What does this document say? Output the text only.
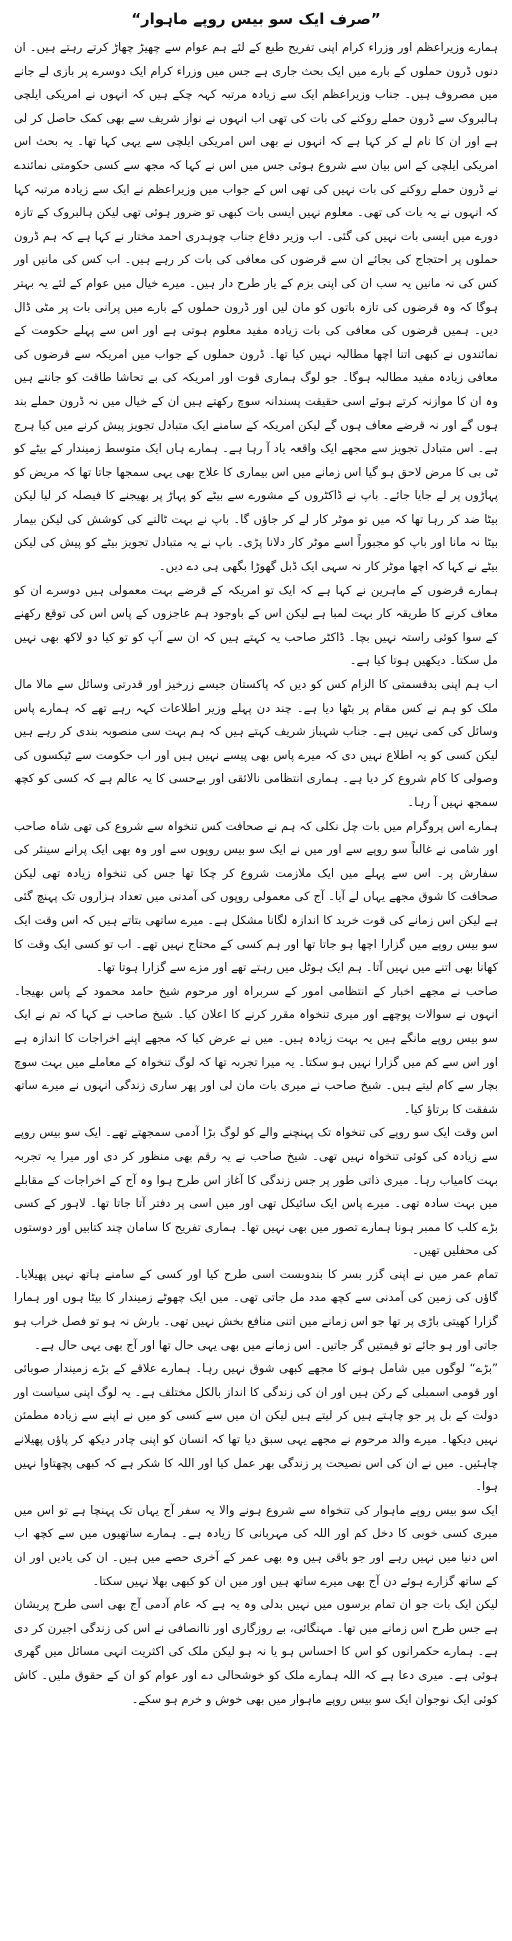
”صرف ایک سو بیس روپے ماہوار“

ہمارے وزیراعظم اور وزراء کرام اپنی تفریح طبع کے لئے ہم عوام سے چھیڑ چھاڑ کرتے رہتے ہیں۔ ان دنوں ڈرون حملوں کے بارے میں ایک بحث جاری ہے جس میں وزراء کرام ایک دوسرے پر بازی لے جانے میں مصروف ہیں۔ جناب وزیراعظم ایک سے زیادہ مرتبہ کہہ چکے ہیں کہ انہوں نے امریکی ایلچی ہالبروک سے ڈرون حملے روکنے کی بات کی تھی اب انہوں نے نواز شریف سے بھی کمک حاصل کر لی ہے اور ان کا نام لے کر کہا ہے کہ انہوں نے بھی اس امریکی ایلچی سے یہی کہا تھا۔ یہ بحث اس امریکی ایلچی کے اس بیان سے شروع ہوئی جس میں اس نے کہا کہ مجھ سے کسی حکومتی نمائندے نے ڈرون حملے روکنے کی بات نہیں کی تھی اس کے جواب میں وزیراعظم نے ایک سے زیادہ مرتبہ کہا کہ انہوں نے یہ بات کی تھی۔ معلوم نہیں ایسی بات کبھی تو ضرور ہوئی تھی لیکن ہالبروک کے تازہ دورے میں ایسی بات نہیں کی گئی۔ اب وزیر دفاع جناب چوہدری احمد مختار نے کہا ہے کہ ہم ڈرون حملوں پر احتجاج کی بجائے ان سے قرضوں کی معافی کی بات کر رہے ہیں۔ اب کس کی مانیں اور کس کی نہ مانیں یہ سب ان کی اپنی بزم کے یار طرح دار ہیں۔ میرے خیال میں عوام کے لئے یہ بہتر ہوگا کہ وہ قرضوں کی تازہ باتوں کو مان لیں اور ڈرون حملوں کے بارے میں پرانی بات پر مٹی ڈال دیں۔ ہمیں قرضوں کی معافی کی بات زیادہ مفید معلوم ہوتی ہے اور اس سے پہلے حکومت کے نمائندوں نے کبھی اتنا اچھا مطالبہ نہیں کیا تھا۔ ڈرون حملوں کے جواب میں امریکہ سے قرضوں کی معافی زیادہ مفید مطالبہ ہوگا۔ جو لوگ ہماری قوت اور امریکہ کی بے تحاشا طاقت کو جانتے ہیں وہ ان کا موازنہ کرتے ہوئے اسی حقیقت پسندانہ سوچ رکھتے ہیں ان کے خیال میں نہ ڈرون حملے بند ہوں گے اور نہ قرضے معاف ہوں گے لیکن امریکہ کے سامنے ایک متبادل تجویز پیش کرنے میں کیا ہرج ہے۔ اس متبادل تجویز سے مجھے ایک واقعہ یاد آ رہا ہے۔ ہمارے ہاں ایک متوسط زمیندار کے بیٹے کو ٹی بی کا مرض لاحق ہو گیا اس زمانے میں اس بیماری کا علاج بھی یہی سمجھا جاتا تھا کہ مریض کو پہاڑوں پر لے جایا جائے۔ باپ نے ڈاکٹروں کے مشورے سے بیٹے کو پہاڑ پر بھیجنے کا فیصلہ کر لیا لیکن بیٹا ضد کر رہا تھا کہ میں تو موٹر کار لے کر جاؤں گا۔ باپ نے بہت ٹالنے کی کوشش کی لیکن بیمار بیٹا نہ مانا اور باپ کو مجبوراً اسے موٹر کار دلانا پڑی۔ باپ نے یہ متبادل تجویز بیٹے کو پیش کی لیکن بیٹے نے کہا کہ اچھا موٹر کار نہ سہی ایک ڈبل گھوڑا بگھی ہی دے دیں۔

ہمارے قرضوں کے ماہرین نے کہا ہے کہ ایک تو امریکہ کے قرضے بہت معمولی ہیں دوسرے ان کو معاف کرنے کا طریقہ کار بہت لمبا ہے لیکن اس کے باوجود ہم عاجزوں کے پاس اس کی توقع رکھنے کے سوا کوئی راستہ نہیں بچا۔ ڈاکٹر صاحب یہ کہتے ہیں کہ ان سے آپ کو تو کیا دو لاکھ بھی نہیں مل سکتا۔ دیکھیں ہوتا کیا ہے۔

اب ہم اپنی بدقسمتی کا الزام کس کو دیں کہ پاکستان جیسے زرخیز اور قدرتی وسائل سے مالا مال ملک کو ہم نے کس مقام پر بٹھا دیا ہے۔ چند دن پہلے وزیر اطلاعات کہہ رہے تھے کہ ہمارے پاس وسائل کی کمی نہیں ہے۔ جناب شہباز شریف کہتے ہیں کہ ہم بہت سی منصوبہ بندی کر رہے ہیں لیکن کسی کو یہ اطلاع نہیں دی کہ میرے پاس بھی پیسے نہیں ہیں اور اب حکومت سے ٹیکسوں کی وصولی کا کام شروع کر دیا ہے۔ ہماری انتظامی نالائقی اور بےحسی کا یہ عالم ہے کہ کسی کو کچھ سمجھ نہیں آ رہا۔

ہمارے اس پروگرام میں بات چل نکلی کہ ہم نے صحافت کس تنخواہ سے شروع کی تھی شاہ صاحب اور شامی نے غالباً سو روپے سے اور میں نے ایک سو بیس روپوں سے اور وہ بھی ایک پرانے سینئر کی سفارش پر۔ اس سے پہلے میں ایک ملازمت شروع کر چکا تھا جس کی تنخواہ زیادہ تھی لیکن صحافت کا شوق مجھے یہاں لے آیا۔ آج کی معمولی روپوں کی آمدنی میں تعداد ہزاروں تک پہنچ گئی ہے لیکن اس زمانے کی قوت خرید کا اندازہ لگانا مشکل ہے۔ میرے ساتھی بتاتے ہیں کہ اس وقت ایک سو بیس روپے میں گزارا اچھا ہو جاتا تھا اور ہم کسی کے محتاج نہیں تھے۔ اب تو کسی ایک وقت کا کھانا بھی اتنے میں نہیں آتا۔ ہم ایک ہوٹل میں رہتے تھے اور مزے سے گزارا ہوتا تھا۔

صاحب نے مجھے اخبار کے انتظامی امور کے سربراہ اور مرحوم شیخ حامد محمود کے پاس بھیجا۔ انہوں نے سوالات پوچھے اور میری تنخواہ مقرر کرنے کا اعلان کیا۔ شیخ صاحب نے کہا کہ تم نے ایک سو بیس روپے مانگے ہیں یہ بہت زیادہ ہیں۔ میں نے عرض کیا کہ مجھے اپنے اخراجات کا اندازہ ہے اور اس سے کم میں گزارا نہیں ہو سکتا۔ یہ میرا تجربہ تھا کہ لوگ تنخواہ کے معاملے میں بہت سوچ بچار سے کام لیتے ہیں۔ شیخ صاحب نے میری بات مان لی اور پھر ساری زندگی انہوں نے میرے ساتھ شفقت کا برتاؤ کیا۔

اس وقت ایک سو روپے کی تنخواہ تک پہنچنے والے کو لوگ بڑا آدمی سمجھتے تھے۔ ایک سو بیس روپے سے زیادہ کی کوئی تنخواہ نہیں تھی۔ شیخ صاحب نے یہ رقم بھی منظور کر دی اور میرا یہ تجربہ بہت کامیاب رہا۔ میری ذاتی طور پر جس زندگی کا آغاز اس طرح ہوا وہ آج کے اخراجات کے مقابلے میں بہت سادہ تھی۔ میرے پاس ایک سائیکل تھی اور میں اسی پر دفتر آتا جاتا تھا۔ لاہور کے کسی بڑے کلب کا ممبر ہونا ہمارے تصور میں بھی نہیں تھا۔ ہماری تفریح کا سامان چند کتابیں اور دوستوں کی محفلیں تھیں۔

تمام عمر میں نے اپنی گزر بسر کا بندوبست اسی طرح کیا اور کسی کے سامنے ہاتھ نہیں پھیلایا۔ گاؤں کی زمین کی آمدنی سے کچھ مدد مل جاتی تھی۔ میں ایک چھوٹے زمیندار کا بیٹا ہوں اور ہمارا گزارا کھیتی باڑی پر تھا جو اس زمانے میں اتنی منافع بخش نہیں تھی۔ بارش نہ ہو تو فصل خراب ہو جاتی اور ہو جائے تو قیمتیں گر جاتیں۔ اس زمانے میں بھی یہی حال تھا اور آج بھی یہی حال ہے۔

”بڑے“ لوگوں میں شامل ہونے کا مجھے کبھی شوق نہیں رہا۔ ہمارے علاقے کے بڑے زمیندار صوبائی اور قومی اسمبلی کے رکن ہیں اور ان کی زندگی کا انداز بالکل مختلف ہے۔ یہ لوگ اپنی سیاست اور دولت کے بل پر جو چاہتے ہیں کر لیتے ہیں لیکن ان میں سے کسی کو میں نے اپنے سے زیادہ مطمئن نہیں دیکھا۔ میرے والد مرحوم نے مجھے یہی سبق دیا تھا کہ انسان کو اپنی چادر دیکھ کر پاؤں پھیلانے چاہئیں۔ میں نے ان کی اس نصیحت پر زندگی بھر عمل کیا اور اللہ کا شکر ہے کہ کبھی پچھتاوا نہیں ہوا۔

ایک سو بیس روپے ماہوار کی تنخواہ سے شروع ہونے والا یہ سفر آج یہاں تک پہنچا ہے تو اس میں میری کسی خوبی کا دخل کم اور اللہ کی مہربانی کا زیادہ ہے۔ ہمارے ساتھیوں میں سے کچھ اب اس دنیا میں نہیں رہے اور جو باقی ہیں وہ بھی عمر کے آخری حصے میں ہیں۔ ان کی یادیں اور ان کے ساتھ گزارے ہوئے دن آج بھی میرے ساتھ ہیں اور میں ان کو کبھی بھلا نہیں سکتا۔

لیکن ایک بات جو ان تمام برسوں میں نہیں بدلی وہ یہ ہے کہ عام آدمی آج بھی اسی طرح پریشان ہے جس طرح اس زمانے میں تھا۔ مہنگائی، بے روزگاری اور ناانصافی نے اس کی زندگی اجیرن کر دی ہے۔ ہمارے حکمرانوں کو اس کا احساس ہو یا نہ ہو لیکن ملک کی اکثریت انہی مسائل میں گھری ہوئی ہے۔ میری دعا ہے کہ اللہ ہمارے ملک کو خوشحالی دے اور عوام کو ان کے حقوق ملیں۔ کاش کوئی ایک نوجوان ایک سو بیس روپے ماہوار میں بھی خوش و خرم ہو سکے۔
